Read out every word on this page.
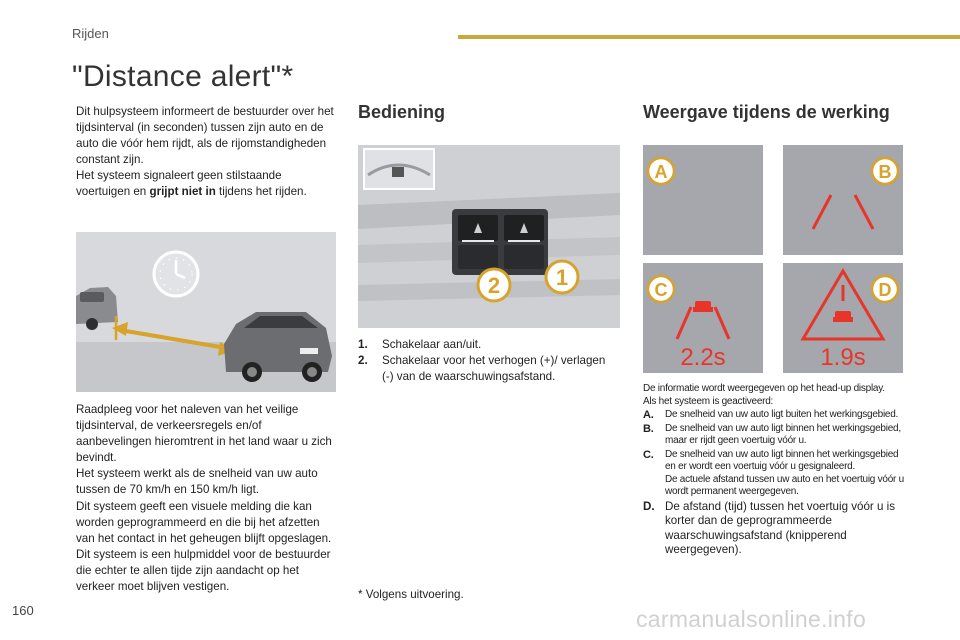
Rijden
"Distance alert"*

Dit hulpsysteem informeert de bestuurder over het tijdsinterval (in seconden) tussen zijn auto en de auto die vóór hem rijdt, als de rijomstandigheden constant zijn.

Het systeem signaleert geen stilstaande voertuigen en grijpt niet in tijdens het rijden.

Raadpleeg voor het naleven van het veilige tijdsinterval, de verkeersregels en/of aanbevelingen hieromtrent in het land waar u zich bevindt.

Het systeem werkt als de snelheid van uw auto tussen de 70 km/h en 150 km/h ligt.

Dit systeem geeft een visuele melding die kan worden geprogrammeerd en die bij het afzetten van het contact in het geheugen blijft opgeslagen.

Dit systeem is een hulpmiddel voor de bestuurder die echter te allen tijde zijn aandacht op het verkeer moet blijven vestigen.

Bediening
2	1
1.	Schakelaar aan/uit.
2.	Schakelaar voor het verhogen (+)/ verlagen (-) van de waarschuwingsafstand.
* Volgens uitvoering.
Weergave tijdens de werking
A	B
C
2.2s
D
1.9s

De informatie wordt weergegeven op het head-up display.

Als het systeem is geactiveerd:

A.	De snelheid van uw auto ligt buiten het werkingsgebied.
B.	De snelheid van uw auto ligt binnen het werkingsgebied, maar er rijdt geen voertuig vóór u.
C.	De snelheid van uw auto ligt binnen het werkingsgebied en er wordt een voertuig vóór u gesignaleerd.

De actuele afstand tussen uw auto en het voertuig vóór u wordt permanent weergegeven.

D. De afstand (tijd) tussen het voertuig vóór u is korter dan de geprogrammeerde waarschuwingsafstand (knipperend weergegeven).
160	carmanualsonline.info
